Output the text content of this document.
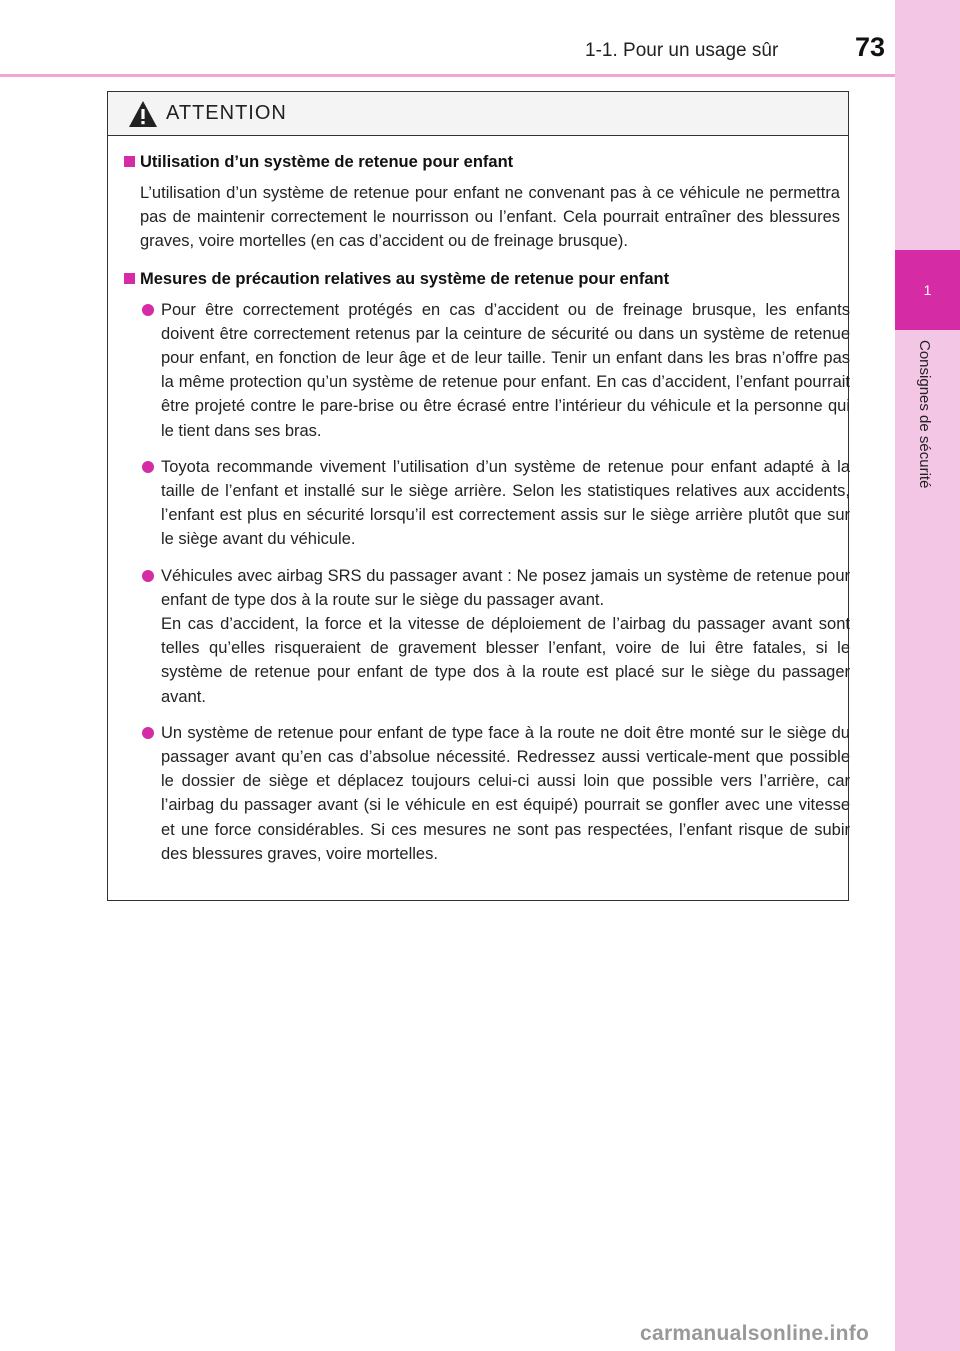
1-1. Pour un usage sûr	73
1
Consignes de sécurité
ATTENTION
Utilisation d’un système de retenue pour enfant
L’utilisation d’un système de retenue pour enfant ne convenant pas à ce véhicule ne permettra pas de maintenir correctement le nourrisson ou l’enfant. Cela pourrait entraîner des blessures graves, voire mortelles (en cas d’accident ou de freinage brusque).
Mesures de précaution relatives au système de retenue pour enfant
Pour être correctement protégés en cas d’accident ou de freinage brusque, les enfants doivent être correctement retenus par la ceinture de sécurité ou dans un système de retenue pour enfant, en fonction de leur âge et de leur taille. Tenir un enfant dans les bras n’offre pas la même protection qu’un système de retenue pour enfant. En cas d’accident, l’enfant pourrait être projeté contre le pare-brise ou être écrasé entre l’intérieur du véhicule et la personne qui le tient dans ses bras.
Toyota recommande vivement l’utilisation d’un système de retenue pour enfant adapté à la taille de l’enfant et installé sur le siège arrière. Selon les statistiques relatives aux accidents, l’enfant est plus en sécurité lorsqu’il est correctement assis sur le siège arrière plutôt que sur le siège avant du véhicule.
Véhicules avec airbag SRS du passager avant : Ne posez jamais un système de retenue pour enfant de type dos à la route sur le siège du passager avant.
En cas d’accident, la force et la vitesse de déploiement de l’airbag du passager avant sont telles qu’elles risqueraient de gravement blesser l’enfant, voire de lui être fatales, si le système de retenue pour enfant de type dos à la route est placé sur le siège du passager avant.
Un système de retenue pour enfant de type face à la route ne doit être monté sur le siège du passager avant qu’en cas d’absolue nécessité. Redressez aussi verticale-ment que possible le dossier de siège et déplacez toujours celui-ci aussi loin que possible vers l’arrière, car l’airbag du passager avant (si le véhicule en est équipé) pourrait se gonfler avec une vitesse et une force considérables. Si ces mesures ne sont pas respectées, l’enfant risque de subir des blessures graves, voire mortelles.
carmanualsonline.info
